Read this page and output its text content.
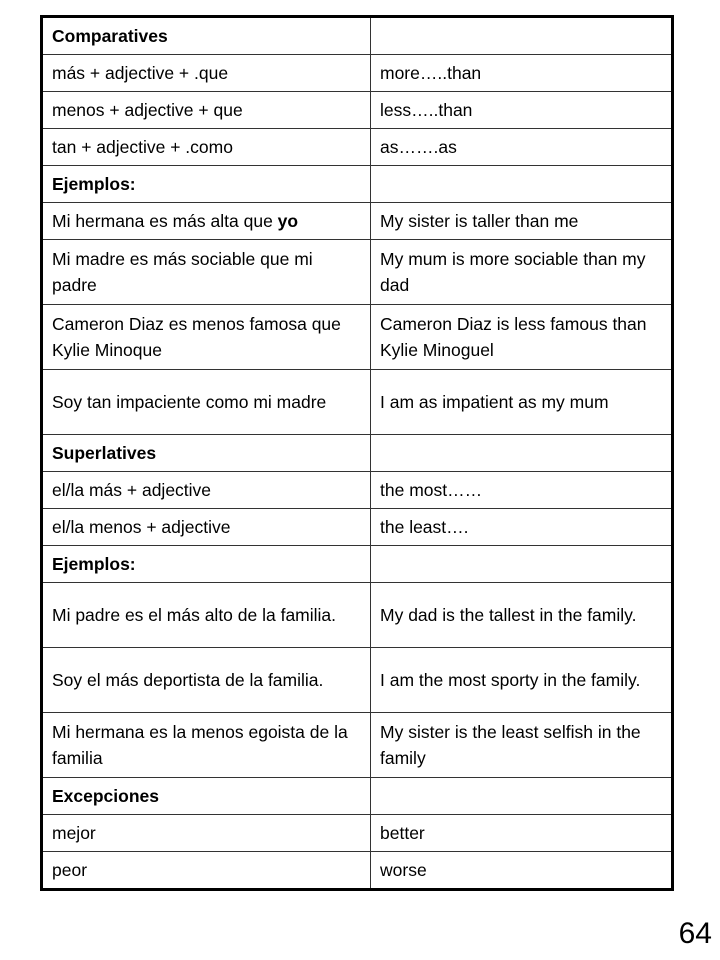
Comparatives	
más + adjective + .que	more…..than
menos + adjective + que	less…..than
tan + adjective + .como	as…….as
Ejemplos:	
Mi hermana es más alta que yo	My sister is taller than me
Mi madre es más sociable que mi padre	My mum is more sociable than my dad
Cameron Diaz es menos famosa que Kylie Minoque	Cameron Diaz is less famous than Kylie Minoguel
Soy tan impaciente como mi madre	I am as impatient as my mum
Superlatives	
el/la más + adjective	the most……
el/la menos + adjective	the least….
Ejemplos:	
Mi padre es el más alto de la familia.	My dad is the tallest in the family.
Soy el más deportista de la familia.	I am the most sporty in the family.
Mi hermana es la menos egoista de la familia	My sister is the least selfish in the family
Excepciones	
mejor	better
peor	worse
64
